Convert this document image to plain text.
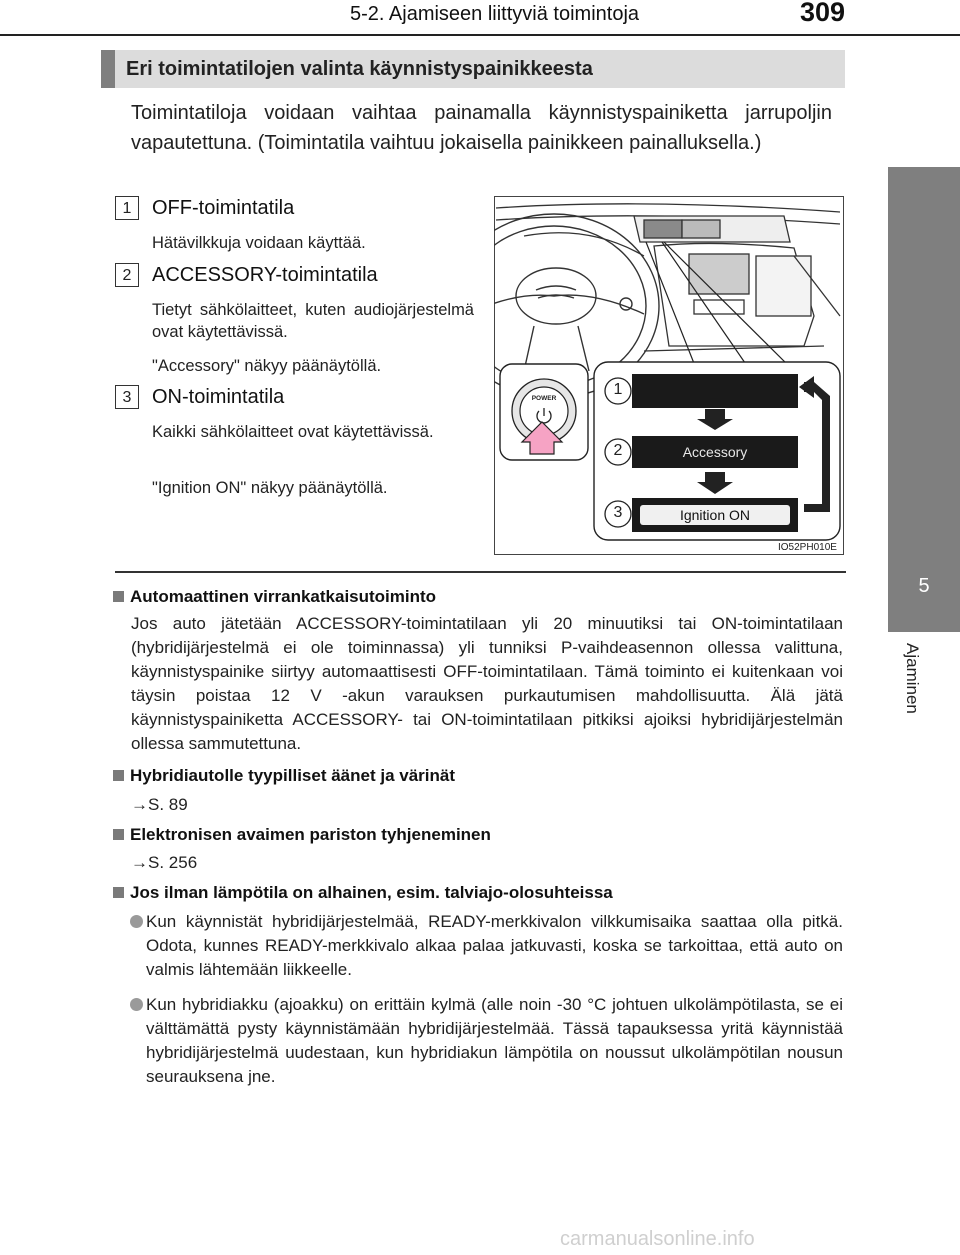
5-2. Ajamiseen liittyviä toimintoja	309
5
Ajaminen
Eri toimintatilojen valinta käynnistyspainikkeesta
Toimintatiloja voidaan vaihtaa painamalla käynnistyspainiketta jarrupoljin vapautettuna. (Toimintatila vaihtuu jokaisella painikkeen painalluksella.)
1	OFF-toimintatila
Hätävilkkuja voidaan käyttää.
2	ACCESSORY-toimintatila
Tietyt sähkölaitteet, kuten audiojärjestelmä ovat käytettävissä.
"Accessory" näkyy päänäytöllä.
3	ON-toimintatila
Kaikki sähkölaitteet ovat käytettävissä.
"Ignition ON" näkyy päänäytöllä.
POWER
Accessory
Ignition ON
1
2
3
IO52PH010E
Automaattinen virrankatkaisutoiminto
Jos auto jätetään ACCESSORY-toimintatilaan yli 20 minuutiksi tai ON-toimintatilaan (hybridijärjestelmä ei ole toiminnassa) yli tunniksi P-vaihdeasennon ollessa valittuna, käynnistyspainike siirtyy automaattisesti OFF-toimintatilaan. Tämä toiminto ei kuitenkaan voi täysin poistaa 12 V -akun varauksen purkautumisen mahdollisuutta. Älä jätä käynnistyspainiketta ACCESSORY- tai ON-toimintatilaan pitkiksi ajoiksi hybridijärjestelmän ollessa sammutettuna.
Hybridiautolle tyypilliset äänet ja värinät
→S. 89
Elektronisen avaimen pariston tyhjeneminen
→S. 256
Jos ilman lämpötila on alhainen, esim. talviajo-olosuhteissa
Kun käynnistät hybridijärjestelmää, READY-merkkivalon vilkkumisaika saattaa olla pitkä. Odota, kunnes READY-merkkivalo alkaa palaa jatkuvasti, koska se tarkoittaa, että auto on valmis lähtemään liikkeelle.
Kun hybridiakku (ajoakku) on erittäin kylmä (alle noin -30 °C johtuen ulkolämpötilasta, se ei välttämättä pysty käynnistämään hybridijärjestelmää. Tässä tapauksessa yritä käynnistää hybridijärjestelmä uudestaan, kun hybridiakun lämpötila on noussut ulkolämpötilan nousun seurauksena jne.
carmanualsonline.info
